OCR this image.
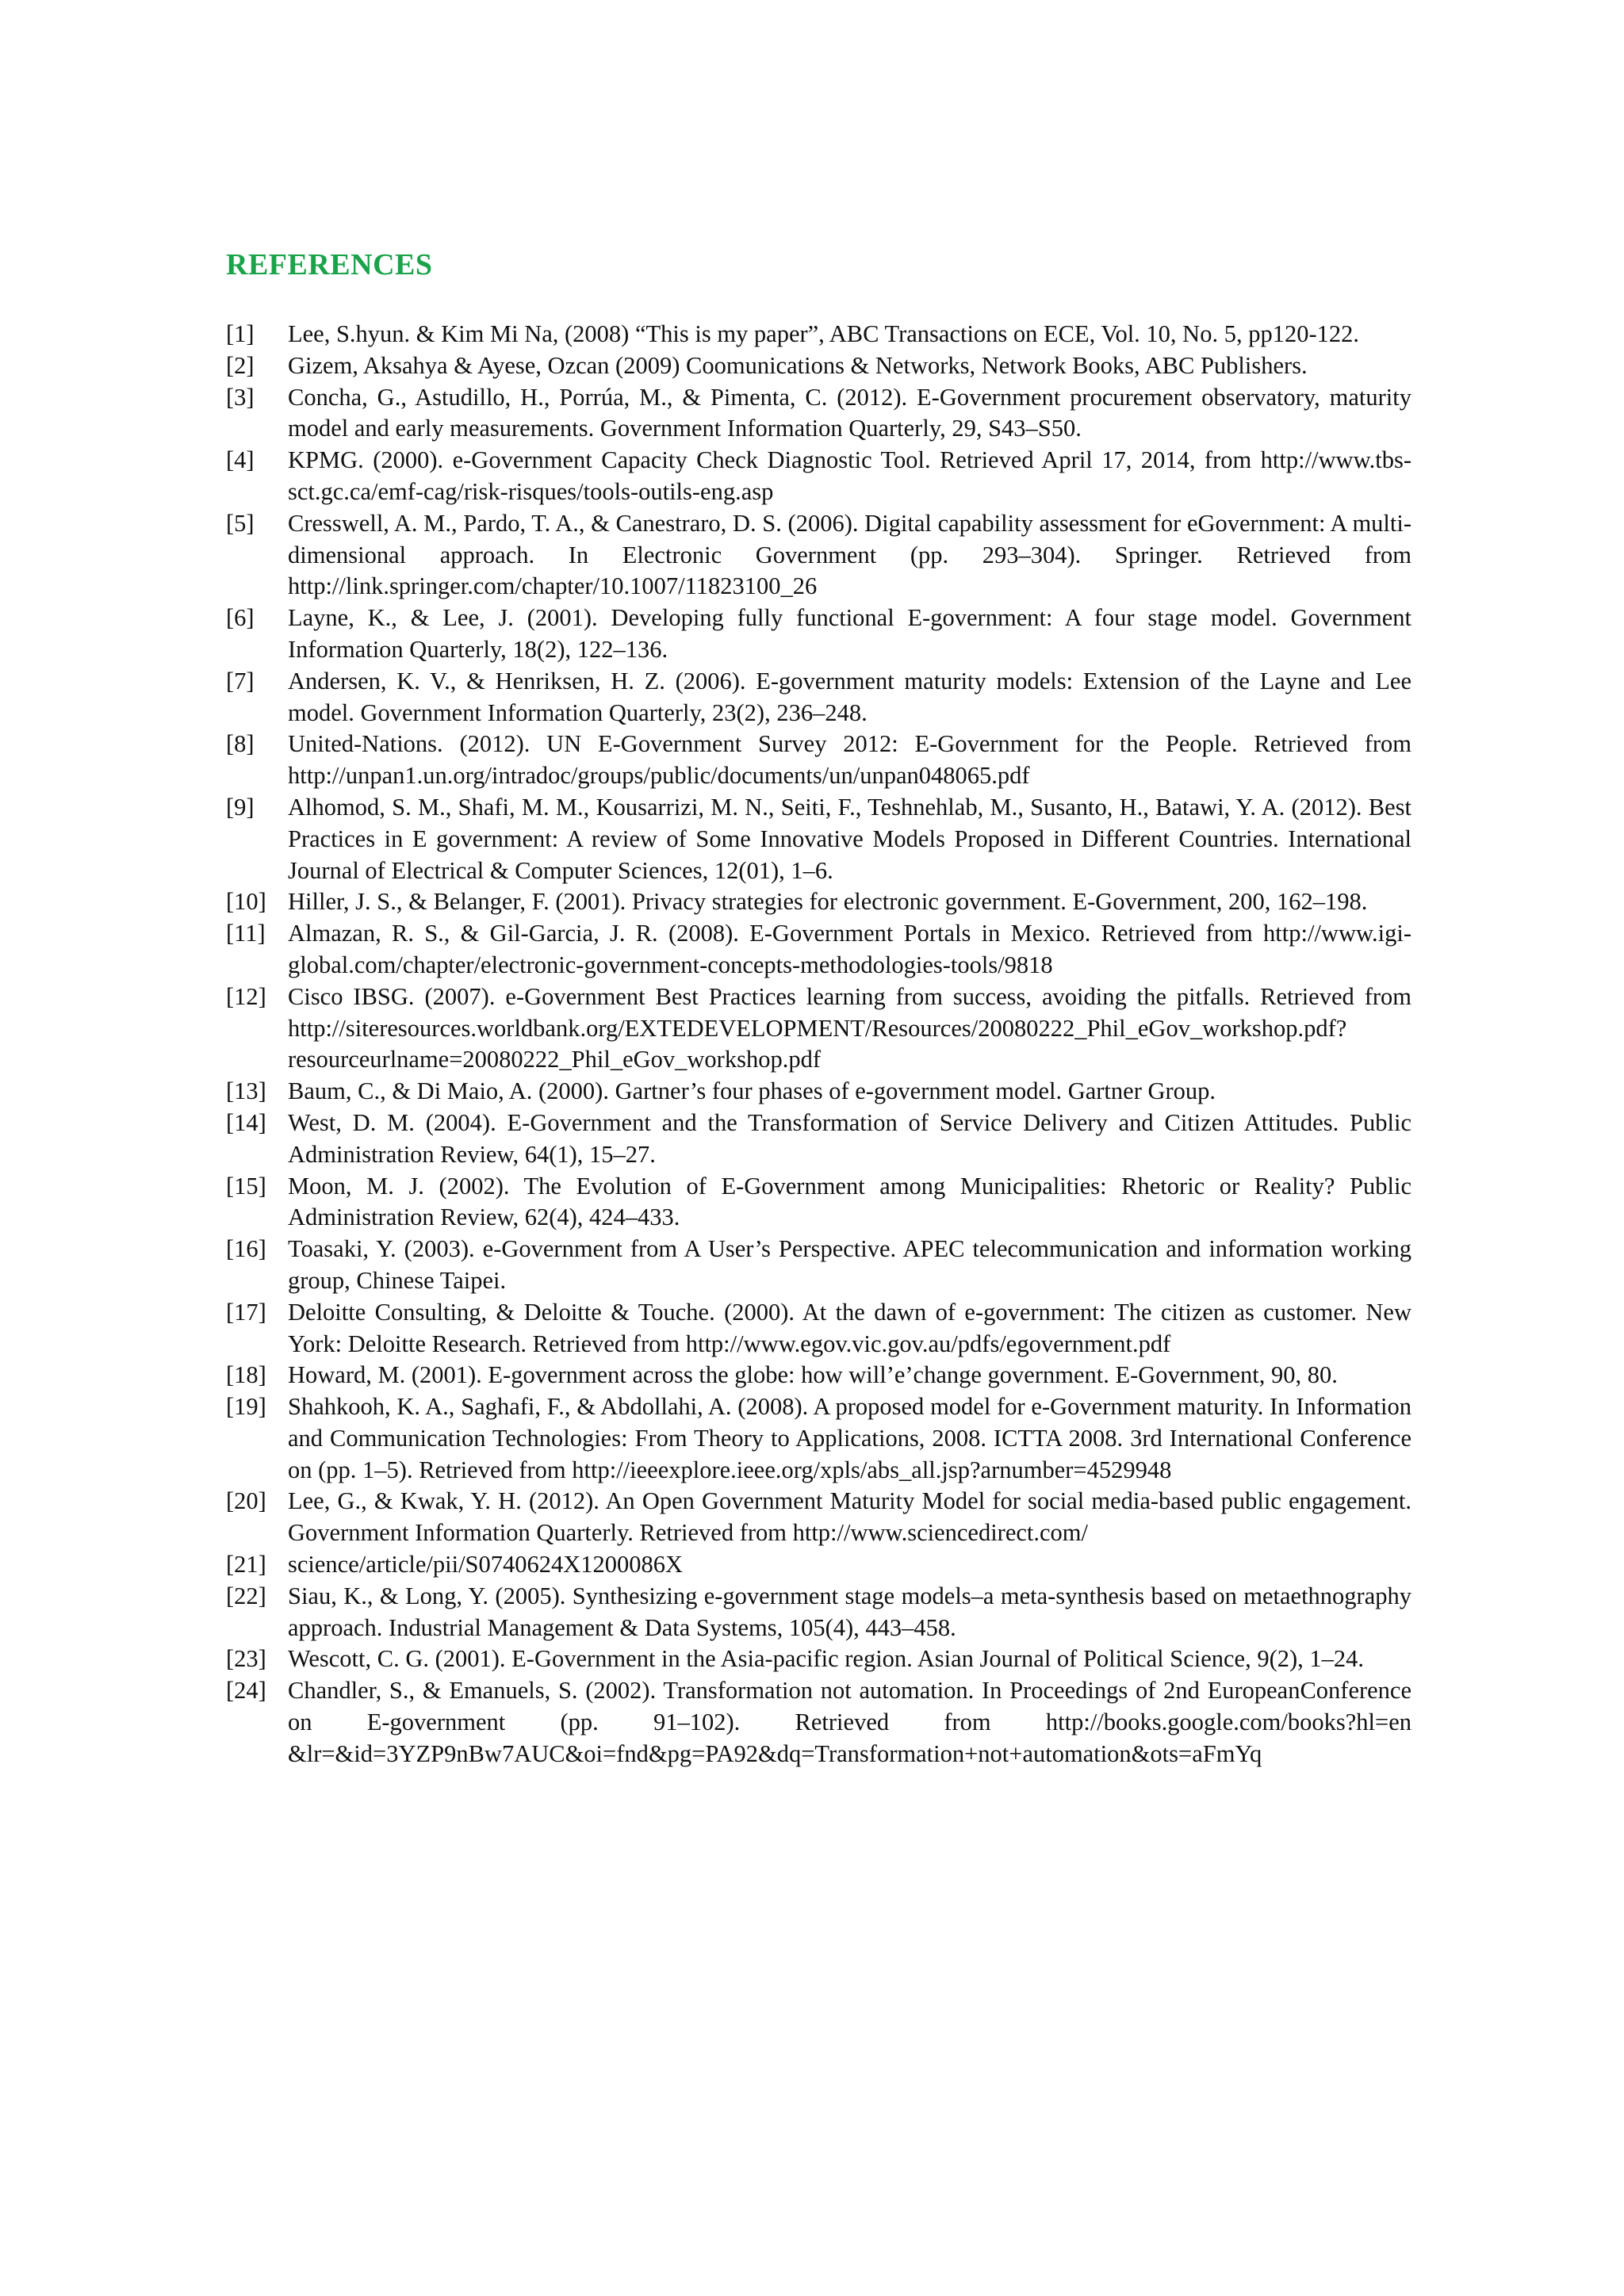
REFERENCES
[1] Lee, S.hyun. & Kim Mi Na, (2008) “This is my paper”, ABC Transactions on ECE, Vol. 10, No. 5, pp120-122.
[2] Gizem, Aksahya & Ayese, Ozcan (2009) Coomunications & Networks, Network Books, ABC Publishers.
[3] Concha, G., Astudillo, H., Porrúa, M., & Pimenta, C. (2012). E-Government procurement observatory, maturity model and early measurements. Government Information Quarterly, 29, S43–S50.
[4] KPMG. (2000). e-Government Capacity Check Diagnostic Tool. Retrieved April 17, 2014, from http://www.tbs-sct.gc.ca/emf-cag/risk-risques/tools-outils-eng.asp
[5] Cresswell, A. M., Pardo, T. A., & Canestraro, D. S. (2006). Digital capability assessment for eGovernment: A multi-dimensional approach. In Electronic Government (pp. 293–304). Springer. Retrieved from http://link.springer.com/chapter/10.1007/11823100_26
[6] Layne, K., & Lee, J. (2001). Developing fully functional E-government: A four stage model. Government Information Quarterly, 18(2), 122–136.
[7] Andersen, K. V., & Henriksen, H. Z. (2006). E-government maturity models: Extension of the Layne and Lee model. Government Information Quarterly, 23(2), 236–248.
[8] United-Nations. (2012). UN E-Government Survey 2012: E-Government for the People. Retrieved from http://unpan1.un.org/intradoc/groups/public/documents/un/unpan048065.pdf
[9] Alhomod, S. M., Shafi, M. M., Kousarrizi, M. N., Seiti, F., Teshnehlab, M., Susanto, H., Batawi, Y. A. (2012). Best Practices in E government: A review of Some Innovative Models Proposed in Different Countries. International Journal of Electrical & Computer Sciences, 12(01), 1–6.
[10] Hiller, J. S., & Belanger, F. (2001). Privacy strategies for electronic government. E-Government, 200, 162–198.
[11] Almazan, R. S., & Gil-Garcia, J. R. (2008). E-Government Portals in Mexico. Retrieved from http://www.igi-global.com/chapter/electronic-government-concepts-methodologies-tools/9818
[12] Cisco IBSG. (2007). e-Government Best Practices learning from success, avoiding the pitfalls. Retrieved from http://siteresources.worldbank.org/EXTEDEVELOPMENT/Resources/20080222_Phil_eGov_workshop.pdf?resourceurlname=20080222_Phil_eGov_workshop.pdf
[13] Baum, C., & Di Maio, A. (2000). Gartner’s four phases of e-government model. Gartner Group.
[14] West, D. M. (2004). E-Government and the Transformation of Service Delivery and Citizen Attitudes. Public Administration Review, 64(1), 15–27.
[15] Moon, M. J. (2002). The Evolution of E-Government among Municipalities: Rhetoric or Reality? Public Administration Review, 62(4), 424–433.
[16] Toasaki, Y. (2003). e-Government from A User’s Perspective. APEC telecommunication and information working group, Chinese Taipei.
[17] Deloitte Consulting, & Deloitte & Touche. (2000). At the dawn of e-government: The citizen as customer. New York: Deloitte Research. Retrieved from http://www.egov.vic.gov.au/pdfs/egovernment.pdf
[18] Howard, M. (2001). E-government across the globe: how will’e’change government. E-Government, 90, 80.
[19] Shahkooh, K. A., Saghafi, F., & Abdollahi, A. (2008). A proposed model for e-Government maturity. In Information and Communication Technologies: From Theory to Applications, 2008. ICTTA 2008. 3rd International Conference on (pp. 1–5). Retrieved from http://ieeexplore.ieee.org/xpls/abs_all.jsp?arnumber=4529948
[20] Lee, G., & Kwak, Y. H. (2012). An Open Government Maturity Model for social media-based public engagement. Government Information Quarterly. Retrieved from http://www.sciencedirect.com/
[21] science/article/pii/S0740624X1200086X
[22] Siau, K., & Long, Y. (2005). Synthesizing e-government stage models–a meta-synthesis based on metaethnography approach. Industrial Management & Data Systems, 105(4), 443–458.
[23] Wescott, C. G. (2001). E-Government in the Asia-pacific region. Asian Journal of Political Science, 9(2), 1–24.
[24] Chandler, S., & Emanuels, S. (2002). Transformation not automation. In Proceedings of 2nd EuropeanConference on E-government (pp. 91–102). Retrieved from http://books.google.com/books?hl=en &lr=&id=3YZP9nBw7AUC&oi=fnd&pg=PA92&dq=Transformation+not+automation&ots=aFmYq
